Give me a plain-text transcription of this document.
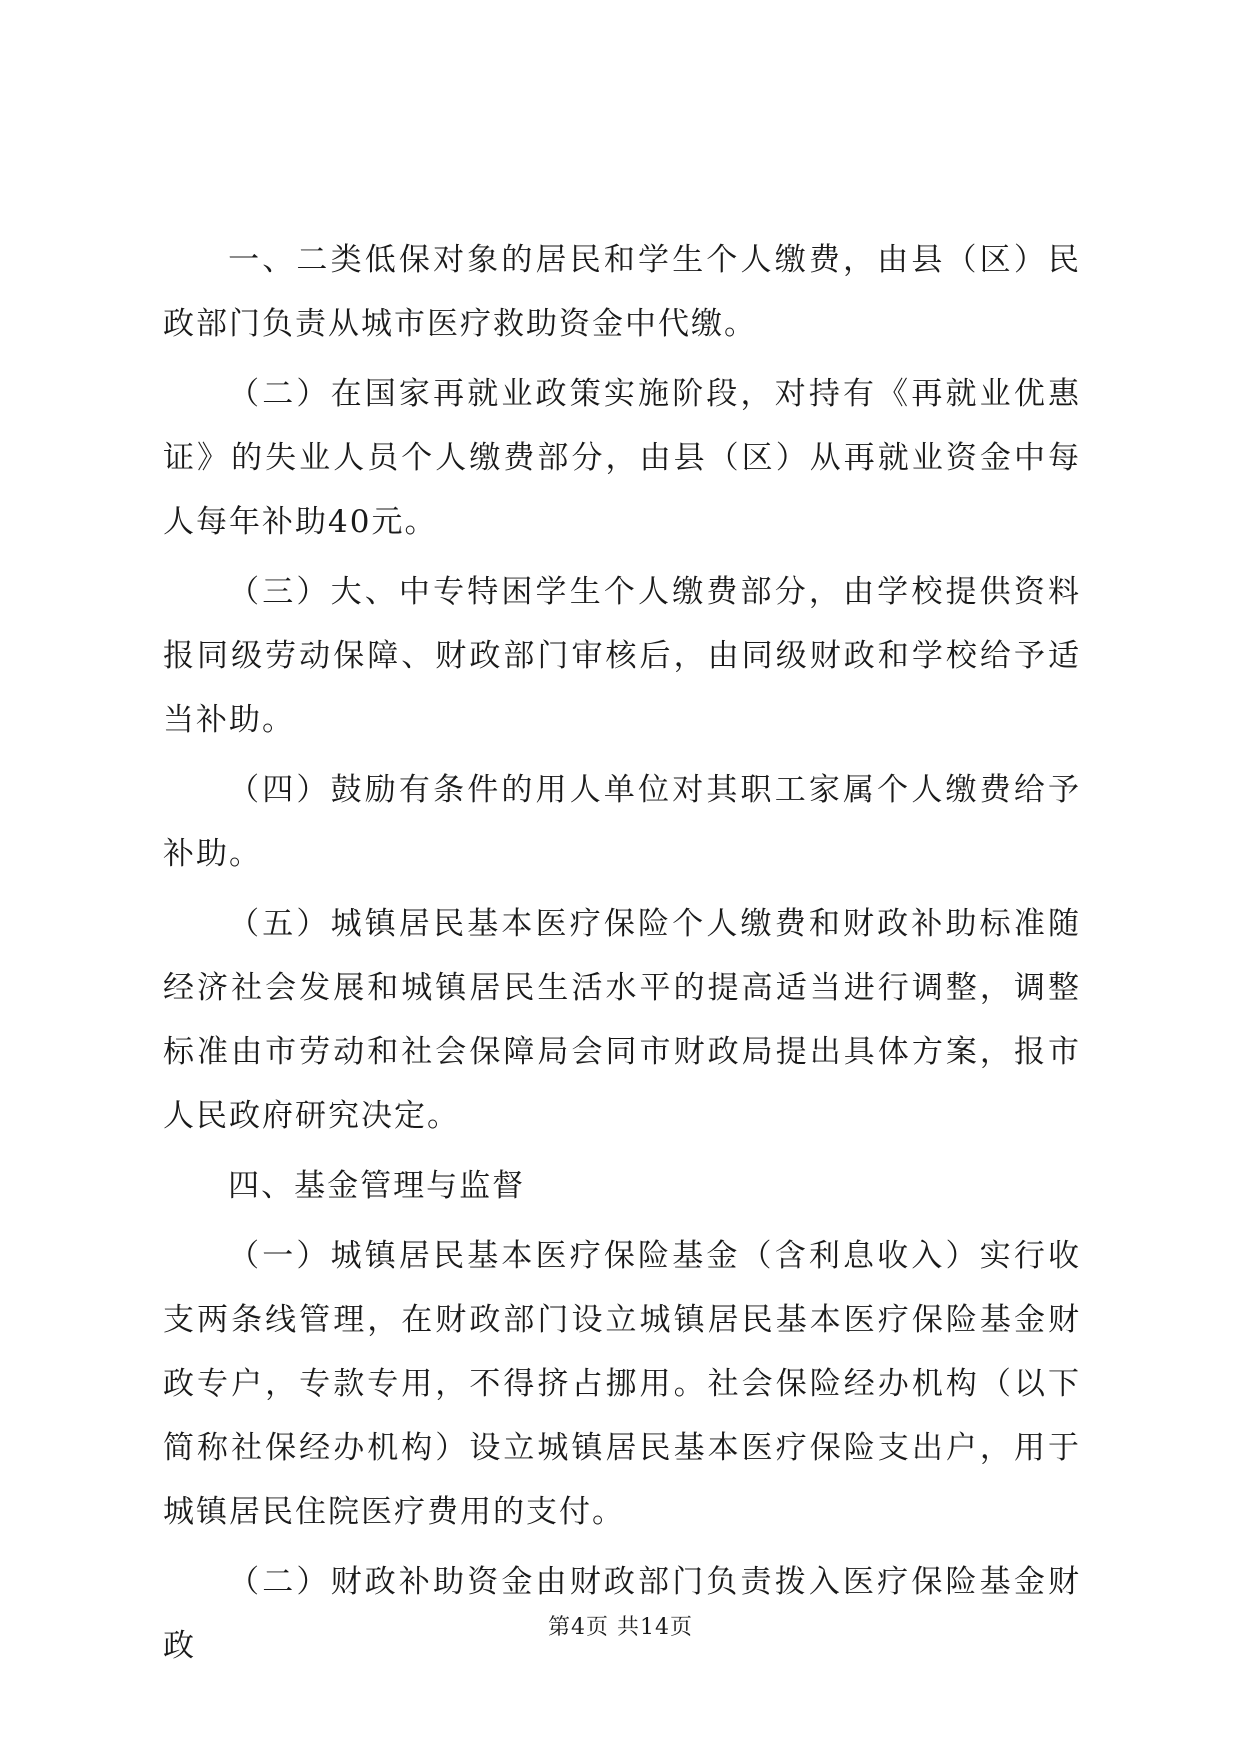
一、二类低保对象的居民和学生个人缴费，由县（区）民政部门负责从城市医疗救助资金中代缴。

（二）在国家再就业政策实施阶段，对持有《再就业优惠证》的失业人员个人缴费部分，由县（区）从再就业资金中每人每年补助40元。

（三）大、中专特困学生个人缴费部分，由学校提供资料报同级劳动保障、财政部门审核后，由同级财政和学校给予适当补助。

（四）鼓励有条件的用人单位对其职工家属个人缴费给予补助。

（五）城镇居民基本医疗保险个人缴费和财政补助标准随经济社会发展和城镇居民生活水平的提高适当进行调整，调整标准由市劳动和社会保障局会同市财政局提出具体方案，报市人民政府研究决定。

四、基金管理与监督

（一）城镇居民基本医疗保险基金（含利息收入）实行收支两条线管理，在财政部门设立城镇居民基本医疗保险基金财政专户，专款专用，不得挤占挪用。社会保险经办机构（以下简称社保经办机构）设立城镇居民基本医疗保险支出户，用于城镇居民住院医疗费用的支付。

（二）财政补助资金由财政部门负责拨入医疗保险基金财政

第4页 共14页
